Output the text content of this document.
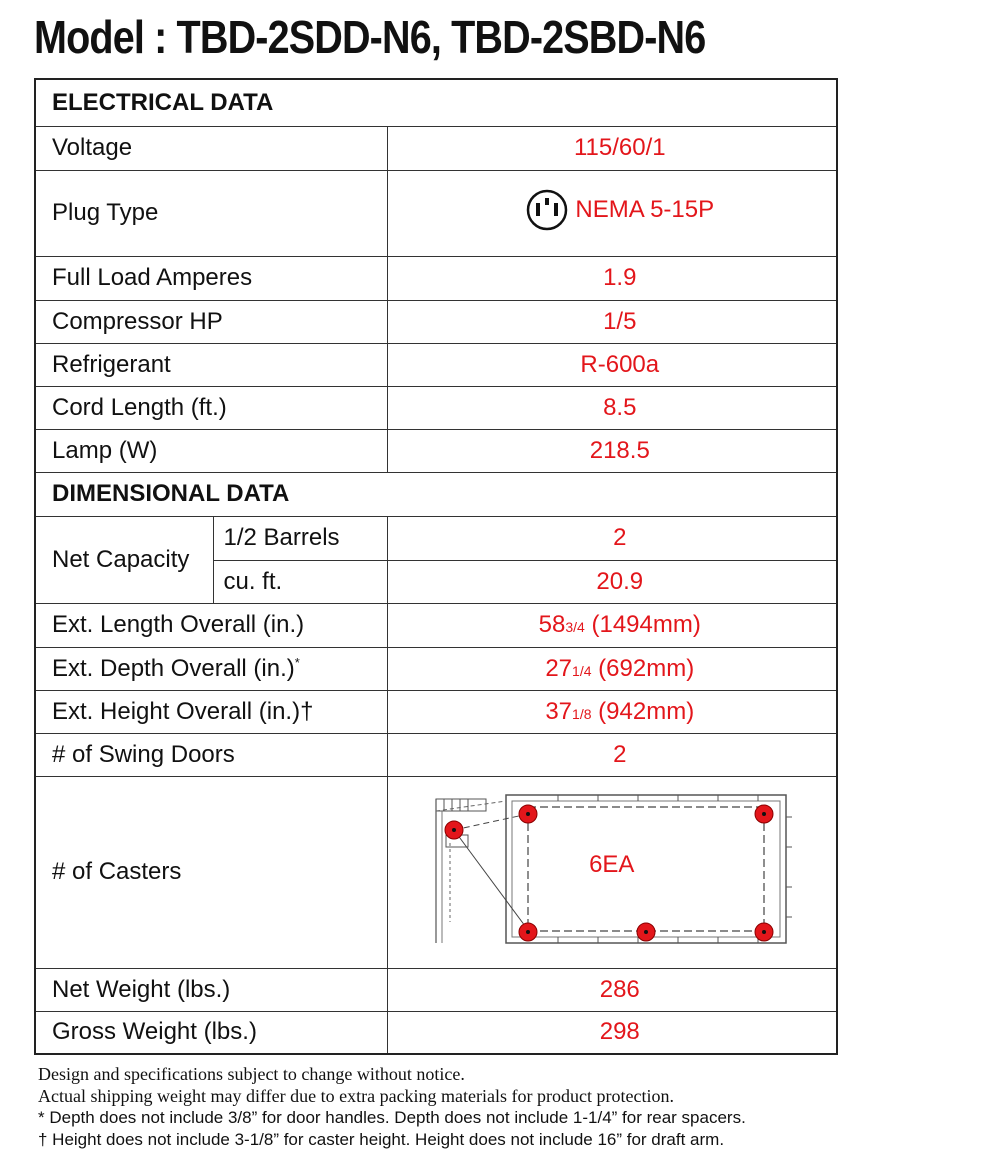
Model : TBD-2SDD-N6, TBD-2SBD-N6
ELECTRICAL DATA		
Voltage		115/60/1
Plug Type		NEMA 5-15P

Full Load Amperes		1.9
Compressor HP		1/5
Refrigerant		R-600a
Cord Length (ft.)		8.5
Lamp (W)		218.5
DIMENSIONAL DATA		
Net Capacity	1/2 Barrels	2
	cu. ft.	20.9
Ext. Length Overall (in.)		583/4 (1494mm)
Ext. Depth Overall (in.)*		271/4 (692mm)
Ext. Height Overall (in.)†		371/8 (942mm)
# of Swing Doors		2
# of Casters		6EA

Net Weight (lbs.)		286
Gross Weight (lbs.)		298
Design and specifications subject to change without notice.
Actual shipping weight may differ due to extra packing materials for product protection.
* Depth does not include 3/8” for door handles. Depth does not include 1-1/4” for rear spacers.
† Height does not include 3-1/8” for caster height. Height does not include 16” for draft arm.
